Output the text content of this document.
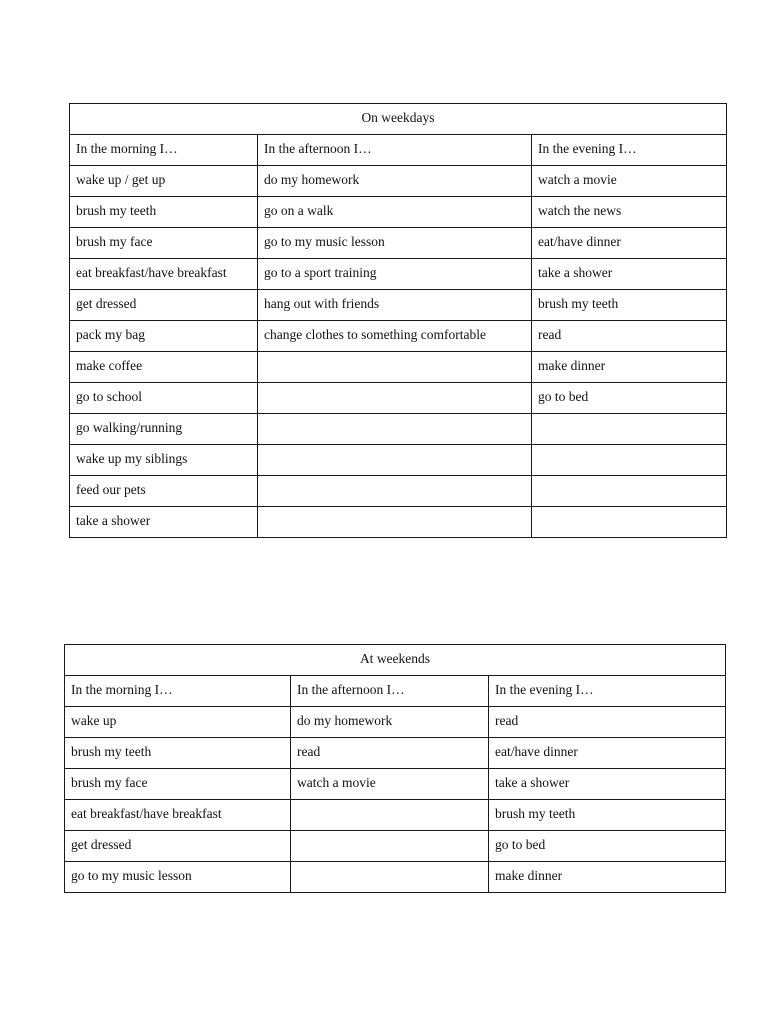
On weekdays		
In the morning I…	In the afternoon I…	In the evening I…
wake up / get up	do my homework	watch a movie
brush my teeth	go on a walk	watch the news
brush my face	go to my music lesson	eat/have dinner
eat breakfast/have breakfast	go to a sport training	take a shower
get dressed	hang out with friends	brush my teeth
pack my bag	change clothes to something comfortable	read
make coffee		make dinner
go to school		go to bed
go walking/running		
wake up my siblings		
feed our pets		
take a shower		
At weekends		
In the morning I…	In the afternoon I…	In the evening I…
wake up	do my homework	read
brush my teeth	read	eat/have dinner
brush my face	watch a movie	take a shower
eat breakfast/have breakfast		brush my teeth
get dressed		go to bed
go to my music lesson		make dinner
